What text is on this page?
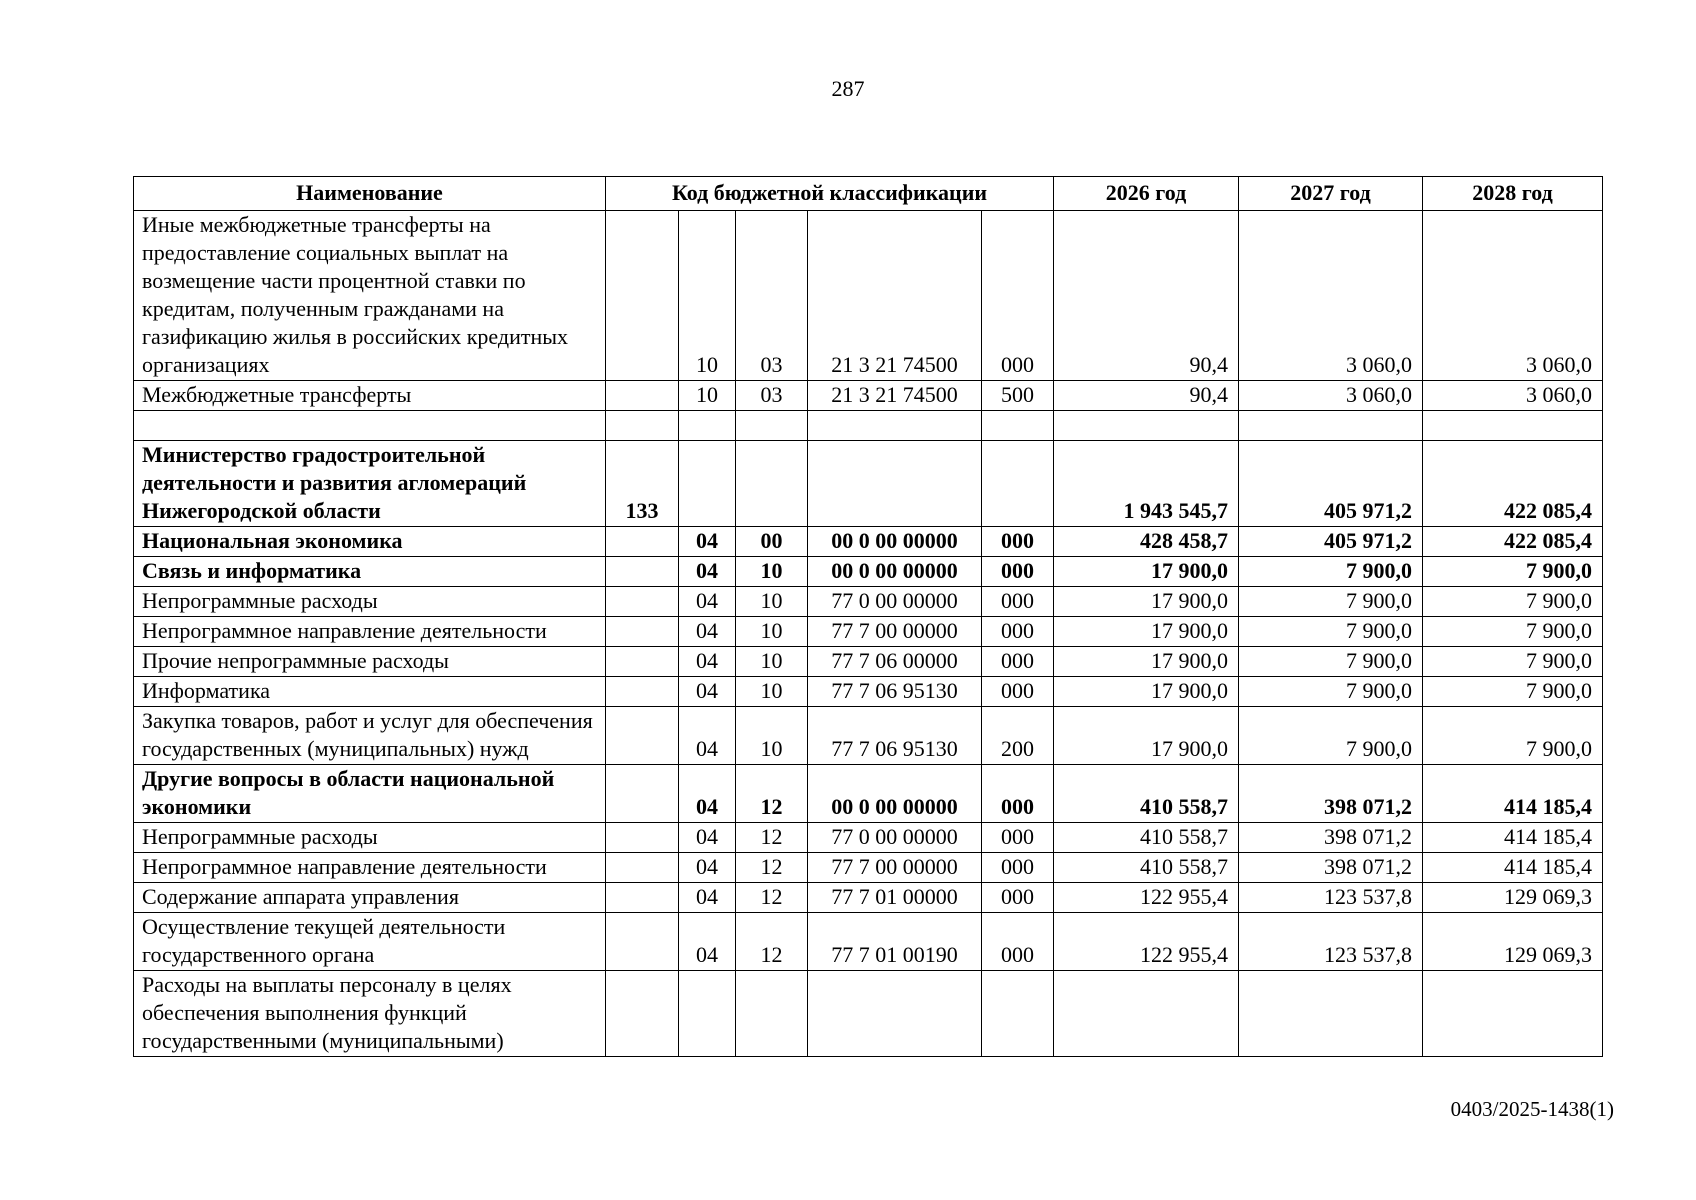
287
Наименование	Код бюджетной классификации					2026 год	2027 год	2028 год
Иные межбюджетные трансферты на предоставление социальных выплат на возмещение части процентной ставки по кредитам, полученным гражданами на газификацию жилья в российских кредитных организациях		10	03	21 3 21 74500	000	90,4	3 060,0	3 060,0
Межбюджетные трансферты		10	03	21 3 21 74500	500	90,4	3 060,0	3 060,0

Министерство градостроительной деятельности и развития агломераций Нижегородской области	133					1 943 545,7	405 971,2	422 085,4
Национальная экономика		04	00	00 0 00 00000	000	428 458,7	405 971,2	422 085,4
Связь и информатика		04	10	00 0 00 00000	000	17 900,0	7 900,0	7 900,0
Непрограммные расходы		04	10	77 0 00 00000	000	17 900,0	7 900,0	7 900,0
Непрограммное направление деятельности		04	10	77 7 00 00000	000	17 900,0	7 900,0	7 900,0
Прочие непрограммные расходы		04	10	77 7 06 00000	000	17 900,0	7 900,0	7 900,0
Информатика		04	10	77 7 06 95130	000	17 900,0	7 900,0	7 900,0
Закупка товаров, работ и услуг для обеспечения государственных (муниципальных) нужд		04	10	77 7 06 95130	200	17 900,0	7 900,0	7 900,0
Другие вопросы в области национальной экономики		04	12	00 0 00 00000	000	410 558,7	398 071,2	414 185,4
Непрограммные расходы		04	12	77 0 00 00000	000	410 558,7	398 071,2	414 185,4
Непрограммное направление деятельности		04	12	77 7 00 00000	000	410 558,7	398 071,2	414 185,4
Содержание аппарата управления		04	12	77 7 01 00000	000	122 955,4	123 537,8	129 069,3
Осуществление текущей деятельности государственного органа		04	12	77 7 01 00190	000	122 955,4	123 537,8	129 069,3
Расходы на выплаты персоналу в целях обеспечения выполнения функций государственными (муниципальными)								
0403/2025-1438(1)
